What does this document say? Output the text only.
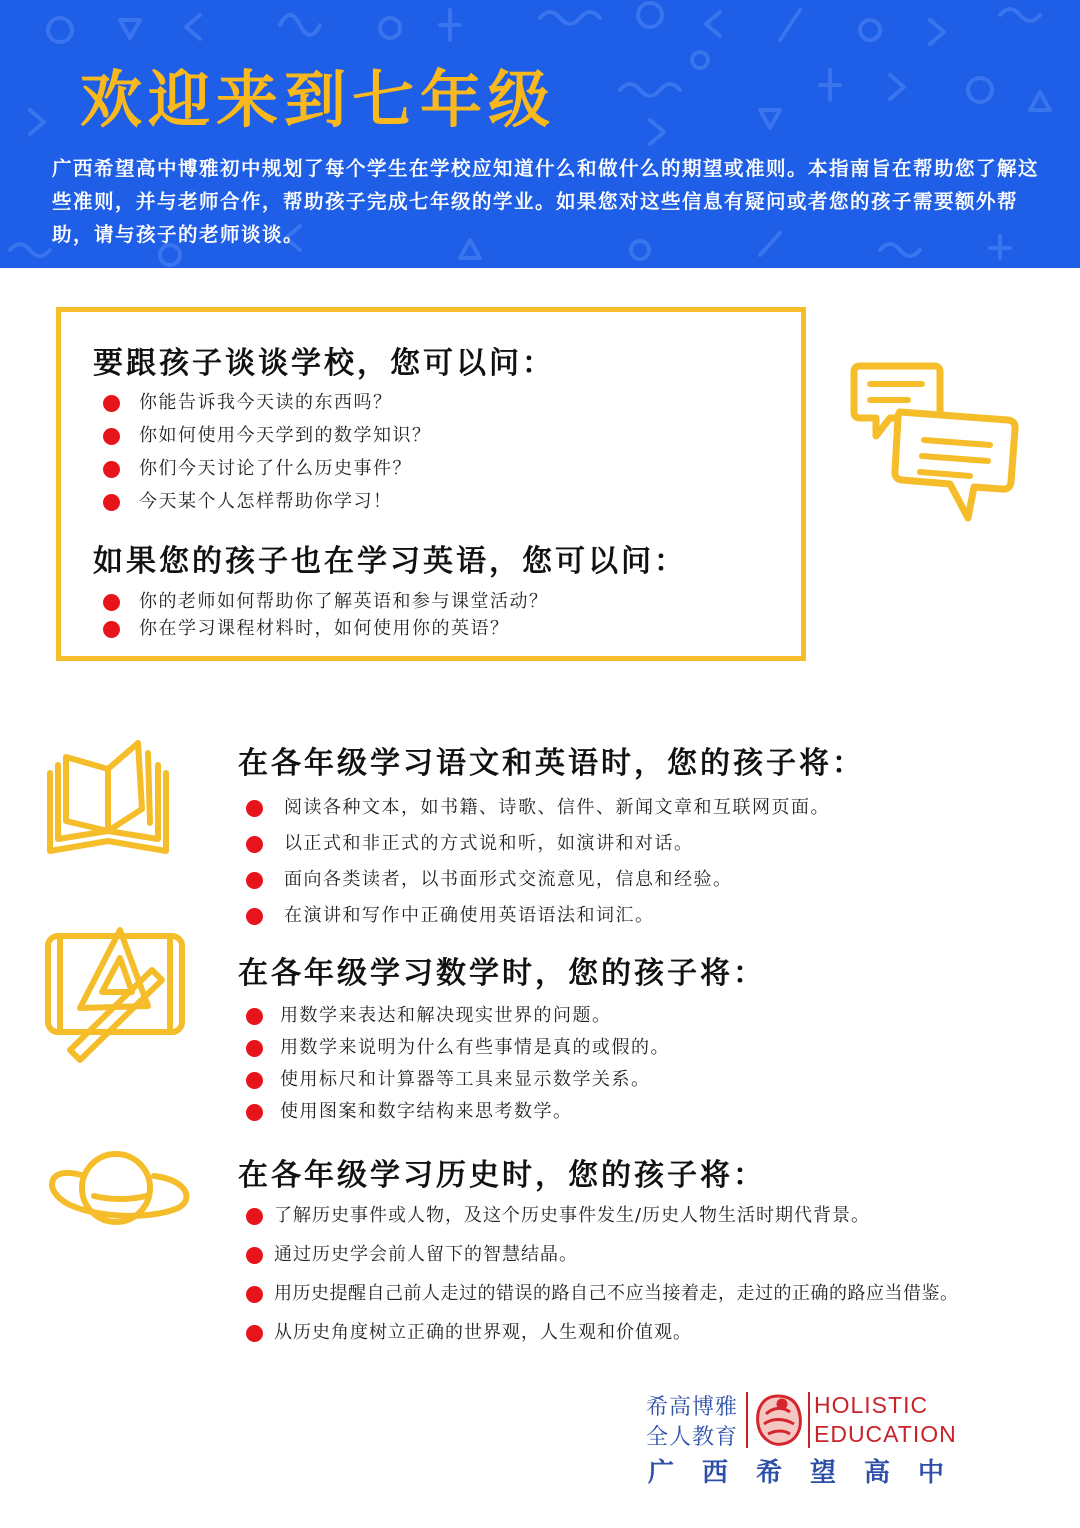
欢迎来到七年级

广西希望高中博雅初中规划了每个学生在学校应知道什么和做什么的期望或准则。本指南旨在帮助您了解这些准则，并与老师合作，帮助孩子完成七年级的学业。如果您对这些信息有疑问或者您的孩子需要额外帮助，请与孩子的老师谈谈。

要跟孩子谈谈学校，您可以问：
你能告诉我今天读的东西吗？
你如何使用今天学到的数学知识？
你们今天讨论了什么历史事件？
今天某个人怎样帮助你学习！
如果您的孩子也在学习英语，您可以问：
你的老师如何帮助你了解英语和参与课堂活动？
你在学习课程材料时，如何使用你的英语？
在各年级学习语文和英语时，您的孩子将：
阅读各种文本，如书籍、诗歌、信件、新闻文章和互联网页面。
以正式和非正式的方式说和听，如演讲和对话。
面向各类读者，以书面形式交流意见，信息和经验。
在演讲和写作中正确使用英语语法和词汇。
在各年级学习数学时，您的孩子将：
用数学来表达和解决现实世界的问题。
用数学来说明为什么有些事情是真的或假的。
使用标尺和计算器等工具来显示数学关系。
使用图案和数字结构来思考数学。
在各年级学习历史时，您的孩子将：
了解历史事件或人物，及这个历史事件发生/历史人物生活时期代背景。
通过历史学会前人留下的智慧结晶。
用历史提醒自己前人走过的错误的路自己不应当接着走，走过的正确的路应当借鉴。
从历史角度树立正确的世界观，人生观和价值观。
希高博雅
全人教育
HOLISTIC
EDUCATION
广西希望高中
